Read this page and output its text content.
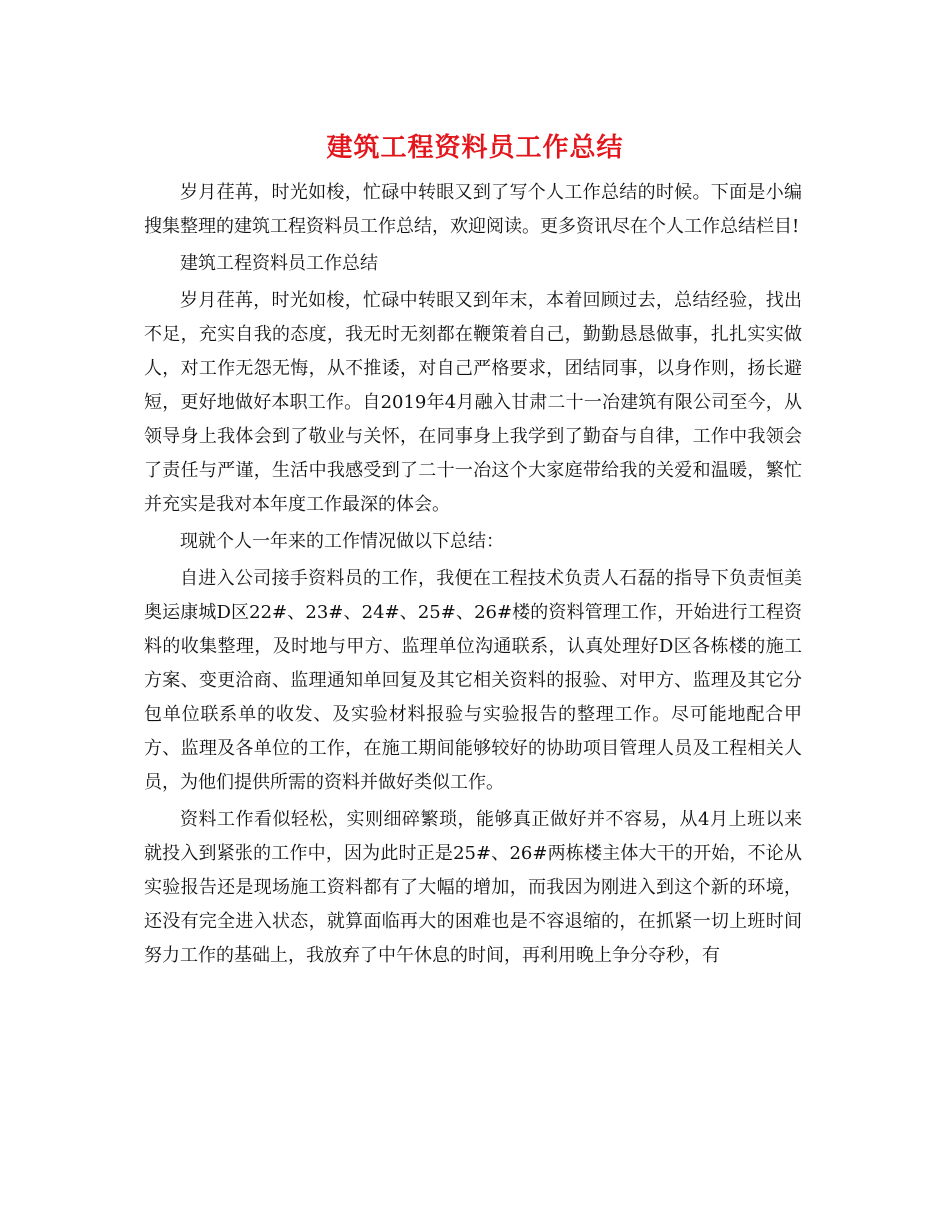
建筑工程资料员工作总结

岁月荏苒，时光如梭，忙碌中转眼又到了写个人工作总结的时候。下面是小编搜集整理的建筑工程资料员工作总结，欢迎阅读。更多资讯尽在个人工作总结栏目!

建筑工程资料员工作总结

岁月荏苒，时光如梭，忙碌中转眼又到年末，本着回顾过去，总结经验，找出不足，充实自我的态度，我无时无刻都在鞭策着自己，勤勤恳恳做事，扎扎实实做人，对工作无怨无悔，从不推诿，对自己严格要求，团结同事，以身作则，扬长避短，更好地做好本职工作。自2019年4月融入甘肃二十一冶建筑有限公司至今，从领导身上我体会到了敬业与关怀，在同事身上我学到了勤奋与自律，工作中我领会了责任与严谨，生活中我感受到了二十一冶这个大家庭带给我的关爱和温暖，繁忙并充实是我对本年度工作最深的体会。

现就个人一年来的工作情况做以下总结：

自进入公司接手资料员的工作，我便在工程技术负责人石磊的指导下负责恒美奥运康城D区22#、23#、24#、25#、26#楼的资料管理工作，开始进行工程资料的收集整理，及时地与甲方、监理单位沟通联系，认真处理好D区各栋楼的施工方案、变更洽商、监理通知单回复及其它相关资料的报验、对甲方、监理及其它分包单位联系单的收发、及实验材料报验与实验报告的整理工作。尽可能地配合甲方、监理及各单位的工作，在施工期间能够较好的协助项目管理人员及工程相关人员，为他们提供所需的资料并做好类似工作。

资料工作看似轻松，实则细碎繁琐，能够真正做好并不容易，从4月上班以来就投入到紧张的工作中，因为此时正是25#、26#两栋楼主体大干的开始，不论从实验报告还是现场施工资料都有了大幅的增加，而我因为刚进入到这个新的环境，还没有完全进入状态，就算面临再大的困难也是不容退缩的，在抓紧一切上班时间努力工作的基础上，我放弃了中午休息的时间，再利用晚上争分夺秒，有
